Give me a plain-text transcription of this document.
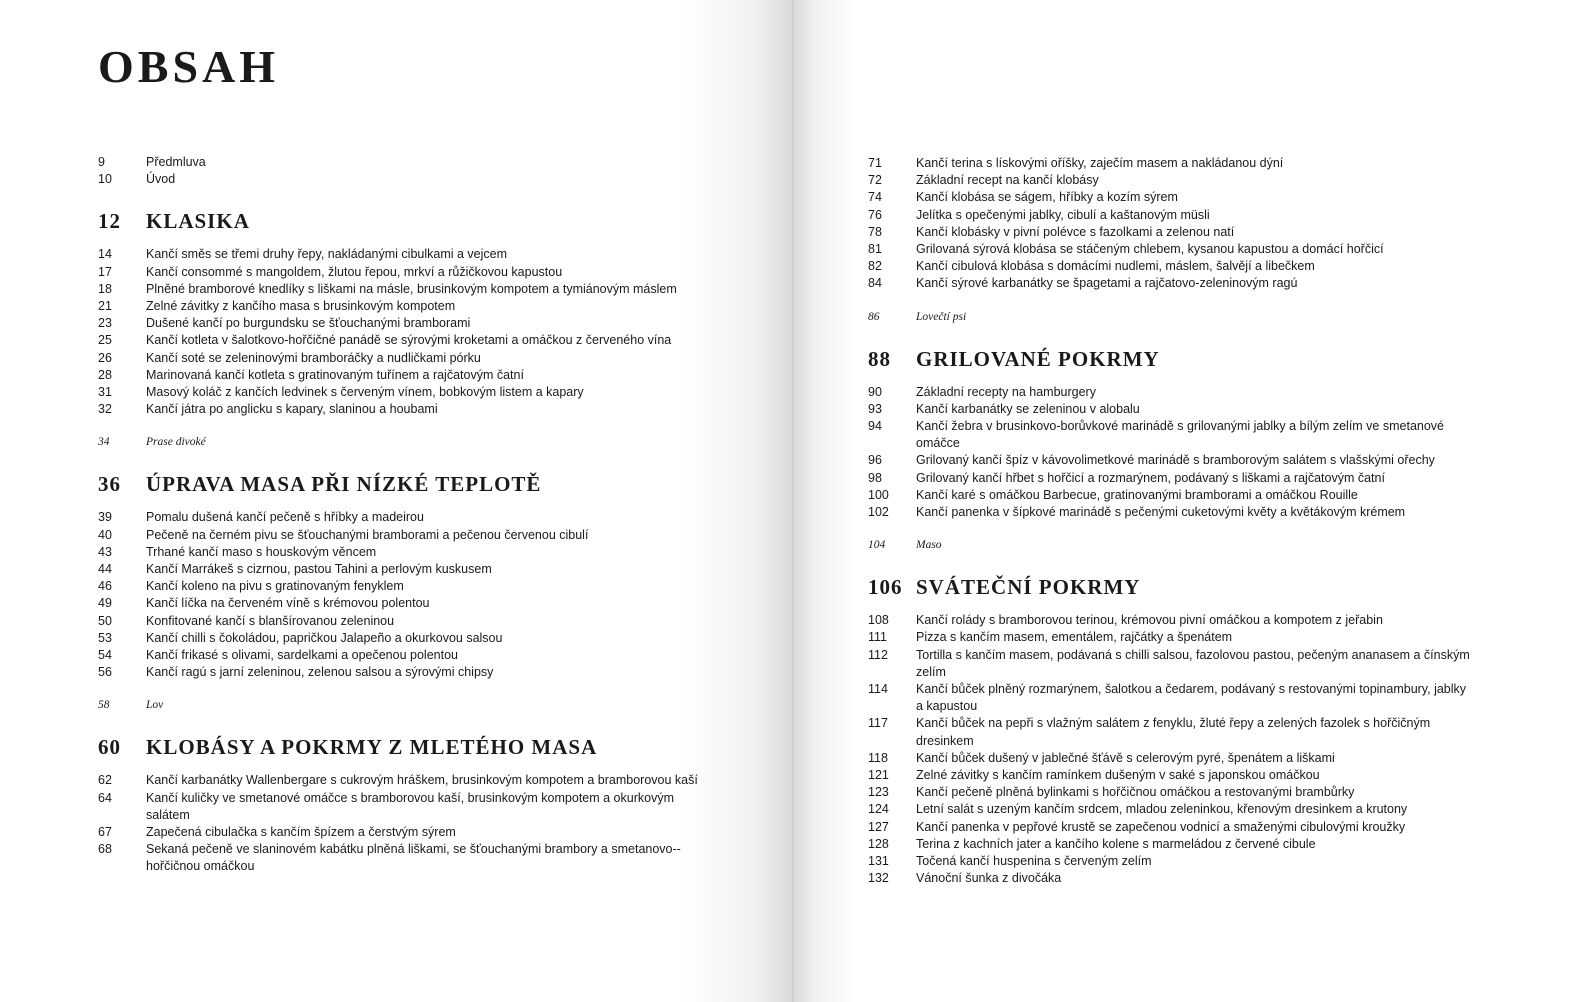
OBSAH
9	Předmluva
10	Úvod
12	KLASIKA
14	Kančí směs se třemi druhy řepy, nakládanými cibulkami a vejcem
17	Kančí consommé s mangoldem, žlutou řepou, mrkví a růžičkovou kapustou
18	Plněné bramborové knedlíky s liškami na másle, brusinkovým kompotem a tymiánovým máslem
21	Zelné závitky z kančího masa s brusinkovým kompotem
23	Dušené kančí po burgundsku se šťouchanými bramborami
25	Kančí kotleta v šalotkovo-hořčičné panádě se sýrovými kroketami a omáčkou z červeného vína
26	Kančí soté se zeleninovými bramboráčky a nudličkami pórku
28	Marinovaná kančí kotleta s gratinovaným tuřínem a rajčatovým čatní
31	Masový koláč z kančích ledvinek s červeným vínem, bobkovým listem a kapary
32	Kančí játra po anglicku s kapary, slaninou a houbami
34	Prase divoké
36	ÚPRAVA MASA PŘI NÍZKÉ TEPLOTĚ
39	Pomalu dušená kančí pečeně s hříbky a madeirou
40	Pečeně na černém pivu se šťouchanými bramborami a pečenou červenou cibulí
43	Trhané kančí maso s houskovým věncem
44	Kančí Marrákeš s cizrnou, pastou Tahini a perlovým kuskusem
46	Kančí koleno na pivu s gratinovaným fenyklem
49	Kančí líčka na červeném víně s krémovou polentou
50	Konfitované kančí s blanšírovanou zeleninou
53	Kančí chilli s čokoládou, papričkou Jalapeño a okurkovou salsou
54	Kančí frikasé s olivami, sardelkami a opečenou polentou
56	Kančí ragú s jarní zeleninou, zelenou salsou a sýrovými chipsy
58	Lov
60	KLOBÁSY A POKRMY Z MLETÉHO MASA
62	Kančí karbanátky Wallenbergare s cukrovým hráškem, brusinkovým kompotem a bramborovou kaší
64	Kančí kuličky ve smetanové omáčce s bramborovou kaší, brusinkovým kompotem a okurkovým salátem
67	Zapečená cibulačka s kančím špízem a čerstvým sýrem
68	Sekaná pečeně ve slaninovém kabátku plněná liškami, se šťouchanými brambory a smetanovo--hořčičnou omáčkou
71	Kančí terina s lískovými oříšky, zaječím masem a nakládanou dýní
72	Základní recept na kančí klobásy
74	Kančí klobása se ságem, hříbky a kozím sýrem
76	Jelítka s opečenými jablky, cibulí a kaštanovým müsli
78	Kančí klobásky v pivní polévce s fazolkami a zelenou natí
81	Grilovaná sýrová klobása se stáčeným chlebem, kysanou kapustou a domácí hořčicí
82	Kančí cibulová klobása s domácími nudlemi, máslem, šalvějí a libečkem
84	Kančí sýrové karbanátky se špagetami a rajčatovo-zeleninovým ragú
86	Lovečtí psi
88	GRILOVANÉ POKRMY
90	Základní recepty na hamburgery
93	Kančí karbanátky se zeleninou v alobalu
94	Kančí žebra v brusinkovo-borůvkové marinádě s grilovanými jablky a bílým zelím ve smetanové omáčce
96	Grilovaný kančí špíz v kávovolimetkové marinádě s bramborovým salátem s vlašskými ořechy
98	Grilovaný kančí hřbet s hořčicí a rozmarýnem, podávaný s liškami a rajčatovým čatní
100	Kančí karé s omáčkou Barbecue, gratinovanými bramborami a omáčkou Rouille
102	Kančí panenka v šípkové marinádě s pečenými cuketovými květy a květákovým krémem
104	Maso
106 SVÁTEČNÍ POKRMY
108	Kančí rolády s bramborovou terinou, krémovou pivní omáčkou a kompotem z jeřabin
111	Pizza s kančím masem, ementálem, rajčátky a špenátem
112	Tortilla s kančím masem, podávaná s chilli salsou, fazolovou pastou, pečeným ananasem a čínským zelím
114	Kančí bůček plněný rozmarýnem, šalotkou a čedarem, podávaný s restovanými topinambury, jablky a kapustou
117	Kančí bůček na pepři s vlažným salátem z fenyklu, žluté řepy a zelených fazolek s hořčičným dresinkem
118	Kančí bůček dušený v jablečné šťávě s celerovým pyré, špenátem a liškami
121	Zelné závitky s kančím ramínkem dušeným v saké s japonskou omáčkou
123	Kančí pečeně plněná bylinkami s hořčičnou omáčkou a restovanými brambůrky
124	Letní salát s uzeným kančím srdcem, mladou zeleninkou, křenovým dresinkem a krutony
127	Kančí panenka v pepřové krustě se zapečenou vodnicí a smaženými cibulovými kroužky
128	Terina z kachních jater a kančího kolene s marmeládou z červené cibule
131	Točená kančí huspenina s červeným zelím
132	Vánoční šunka z divočáka
